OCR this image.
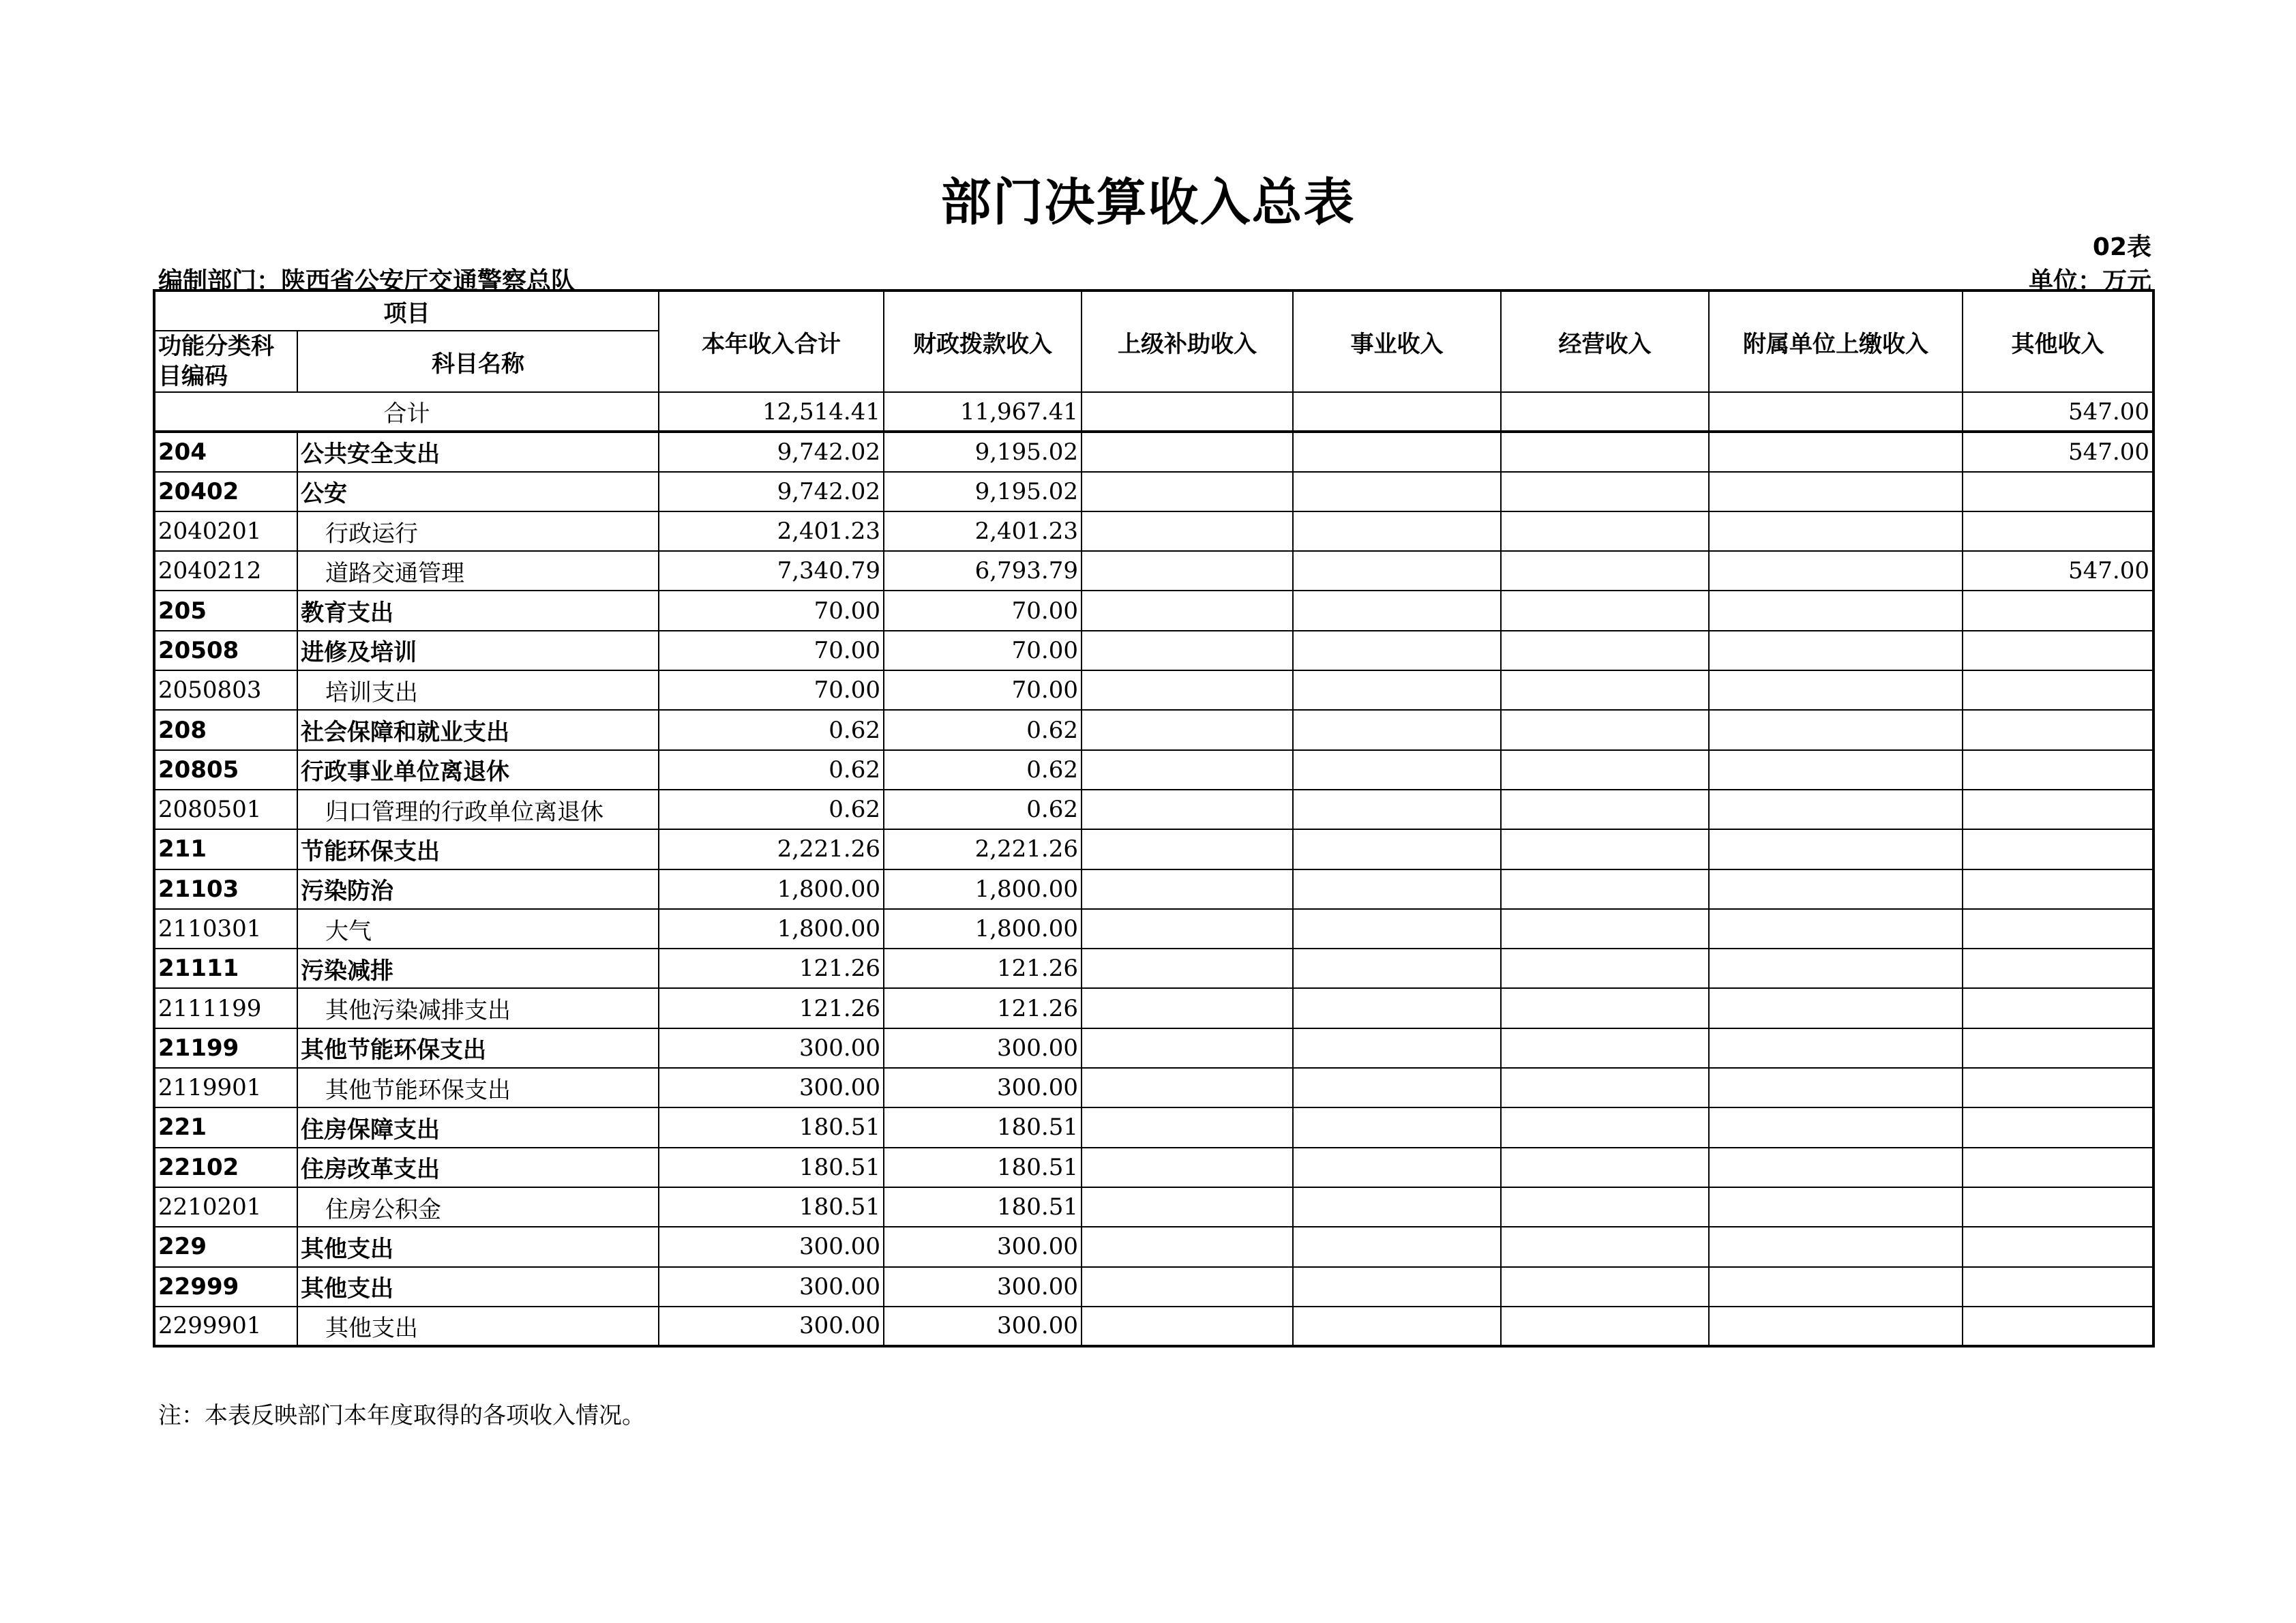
部门决算收入总表
02表
编制部门：陕西省公安厅交通警察总队	单位：万元
项目		本年收入合计	财政拨款收入	上级补助收入	事业收入	经营收入	附属单位上缴收入	其他收入

功能分类科目编码	科目名称							
合计		12,514.41	11,967.41					547.00
204	公共安全支出	9,742.02	9,195.02					547.00
20402	公安	9,742.02	9,195.02					
2040201	行政运行	2,401.23	2,401.23					
2040212	道路交通管理	7,340.79	6,793.79					547.00
205	教育支出	70.00	70.00					
20508	进修及培训	70.00	70.00					
2050803	培训支出	70.00	70.00					
208	社会保障和就业支出	0.62	0.62					
20805	行政事业单位离退休	0.62	0.62					
2080501	归口管理的行政单位离退休	0.62	0.62					
211	节能环保支出	2,221.26	2,221.26					
21103	污染防治	1,800.00	1,800.00					
2110301	大气	1,800.00	1,800.00					
21111	污染减排	121.26	121.26					
2111199	其他污染减排支出	121.26	121.26					
21199	其他节能环保支出	300.00	300.00					
2119901	其他节能环保支出	300.00	300.00					
221	住房保障支出	180.51	180.51					
22102	住房改革支出	180.51	180.51					
2210201	住房公积金	180.51	180.51					
229	其他支出	300.00	300.00					
22999	其他支出	300.00	300.00					
2299901	其他支出	300.00	300.00					
注：本表反映部门本年度取得的各项收入情况。
